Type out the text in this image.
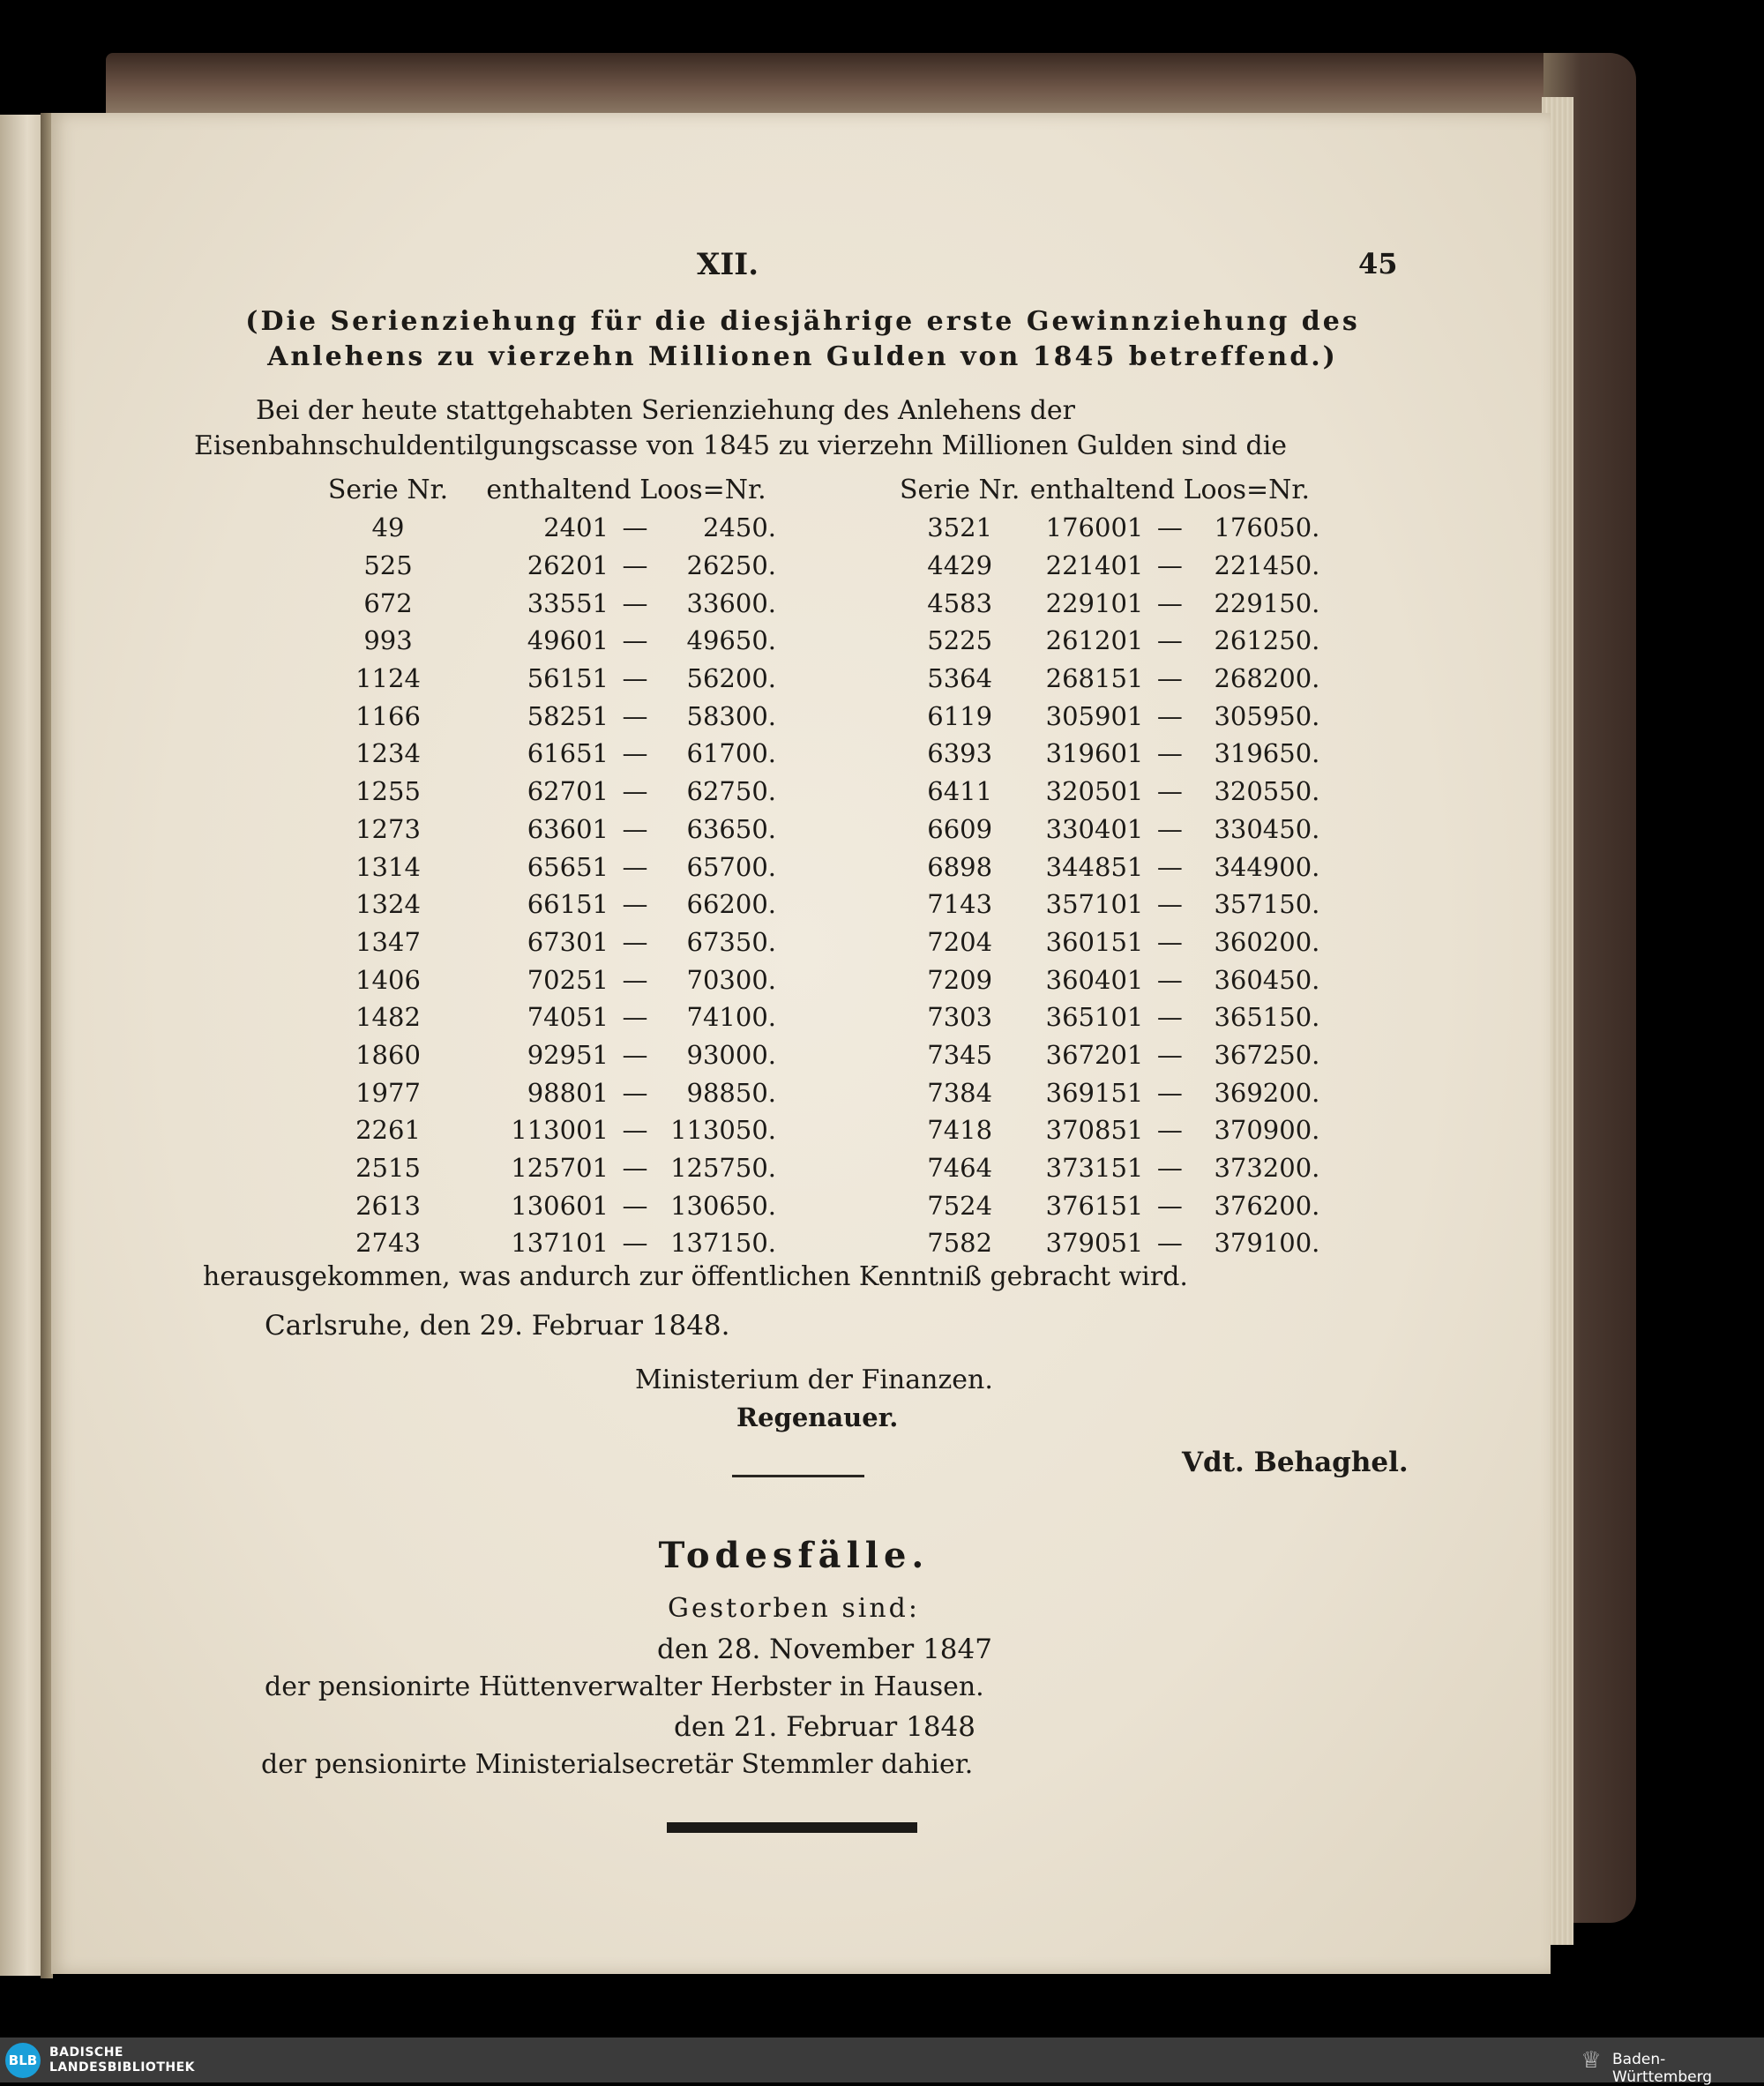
XII.	45
(Die Serienziehung für die diesjährige erste Gewinnziehung des Anlehens zu vierzehn Millionen Gulden von 1845 betreffend.)
Bei der heute stattgehabten Serienziehung des Anlehens der Eisenbahnschuldentilgungscasse von 1845 zu vierzehn Millionen Gulden sind die
Serie Nr.	enthaltend Loos=Nr.				Serie Nr.	enthaltend Loos=Nr.		
49	2401	—	2450.		3521	176001	—	176050.
525	26201	—	26250.		4429	221401	—	221450.
672	33551	—	33600.		4583	229101	—	229150.
993	49601	—	49650.		5225	261201	—	261250.
1124	56151	—	56200.		5364	268151	—	268200.
1166	58251	—	58300.		6119	305901	—	305950.
1234	61651	—	61700.		6393	319601	—	319650.
1255	62701	—	62750.		6411	320501	—	320550.
1273	63601	—	63650.		6609	330401	—	330450.
1314	65651	—	65700.		6898	344851	—	344900.
1324	66151	—	66200.		7143	357101	—	357150.
1347	67301	—	67350.		7204	360151	—	360200.
1406	70251	—	70300.		7209	360401	—	360450.
1482	74051	—	74100.		7303	365101	—	365150.
1860	92951	—	93000.		7345	367201	—	367250.
1977	98801	—	98850.		7384	369151	—	369200.
2261	113001	—	113050.		7418	370851	—	370900.
2515	125701	—	125750.		7464	373151	—	373200.
2613	130601	—	130650.		7524	376151	—	376200.
2743	137101	—	137150.		7582	379051	—	379100.
herausgekommen, was andurch zur öffentlichen Kenntniß gebracht wird.
Carlsruhe, den 29. Februar 1848.
Ministerium der Finanzen.
Regenauer.
Vdt. Behaghel.
Todesfälle.
Gestorben sind:
den 28. November 1847
der pensionirte Hüttenverwalter Herbster in Hausen.
den 21. Februar 1848
der pensionirte Ministerialsecretär Stemmler dahier.
BLB BADISCHE
LANDESBIBLIOTHEK	♕ Baden-Württemberg
